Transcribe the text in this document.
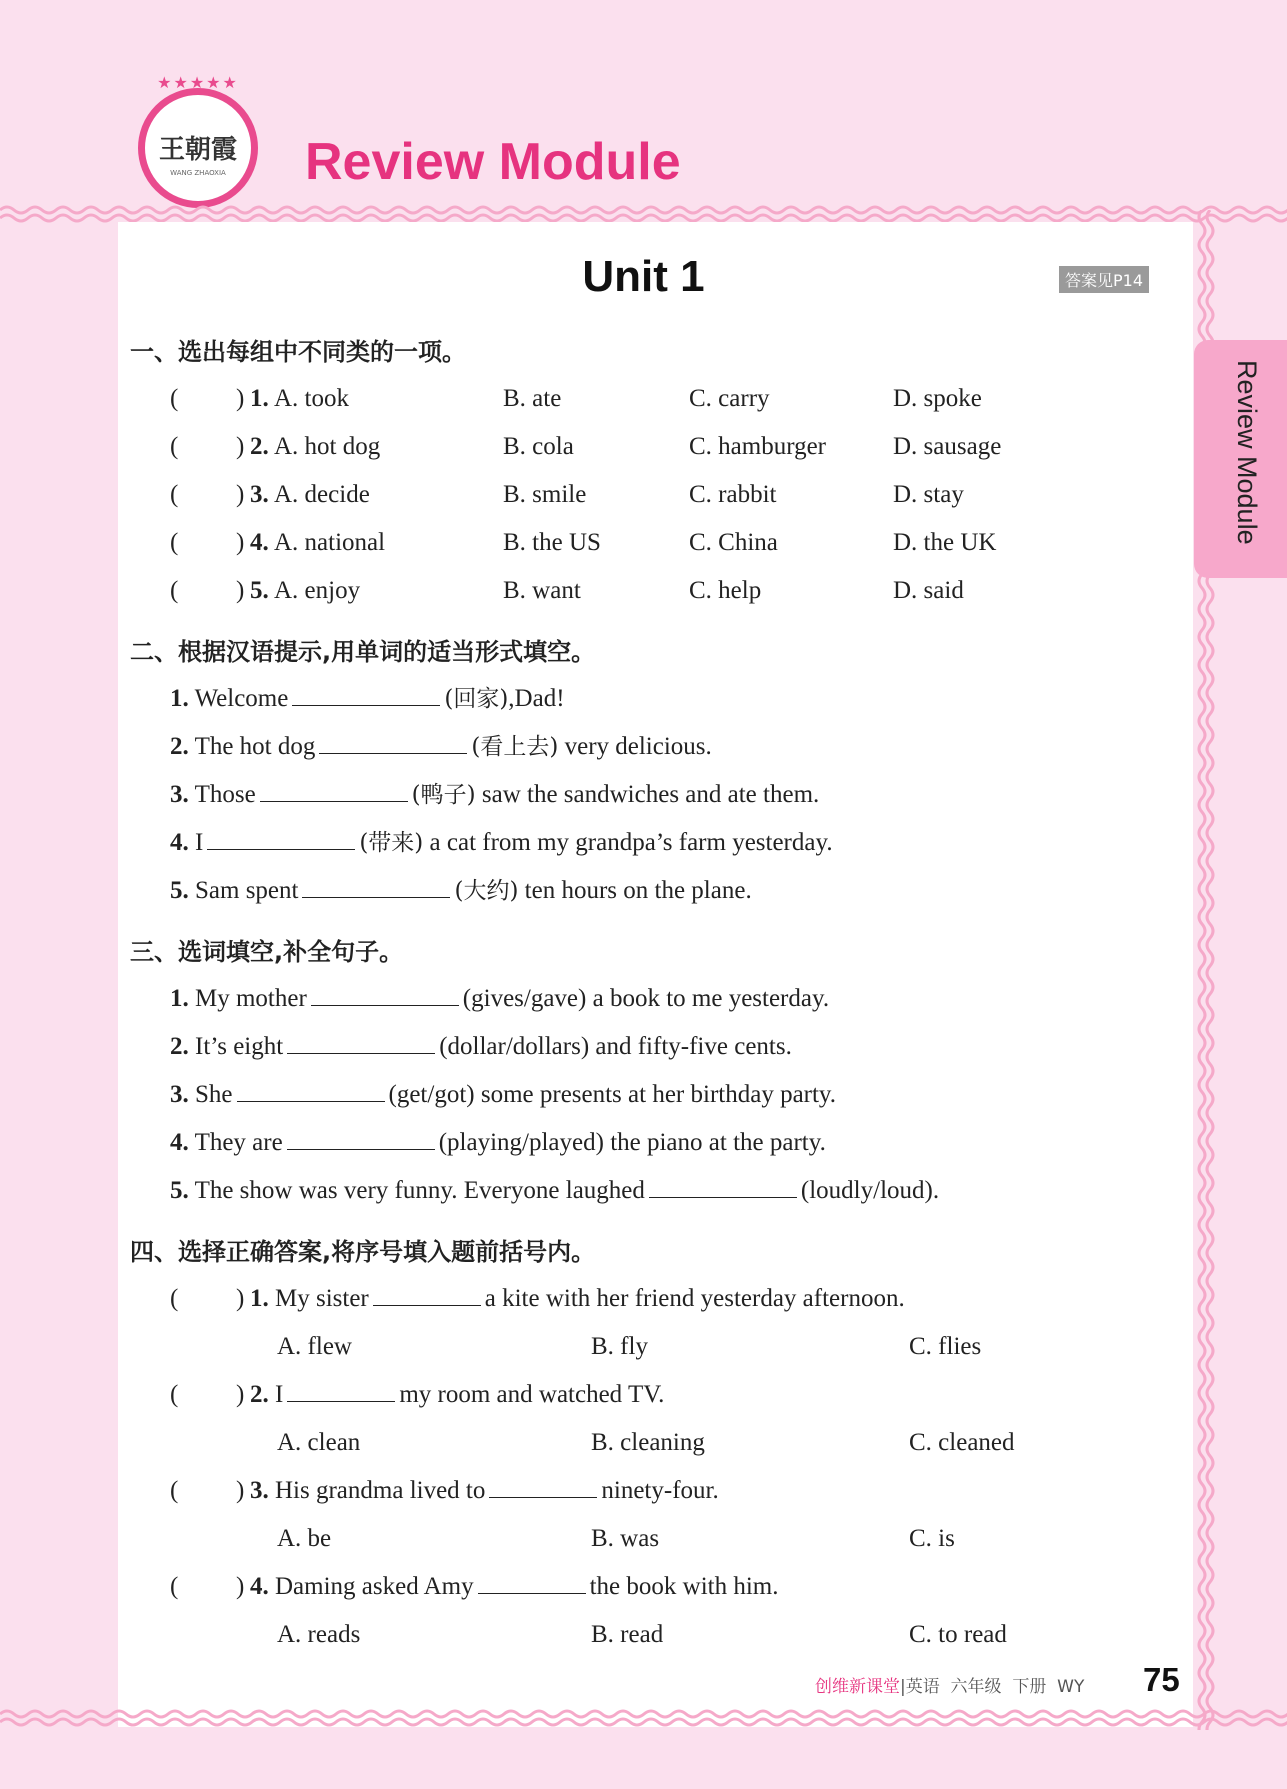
★★★★★
王朝霞
WANG ZHAOXIA	Review Module
Review Module
Unit 1	答案见P14
一、选出每组中不同类的一项。
( ) 1. A. took	B. ate	C. carry	D. spoke
( ) 2. A. hot dog	B. cola	C. hamburger	D. sausage
( ) 3. A. decide	B. smile	C. rabbit	D. stay
( ) 4. A. national	B. the US	C. China	D. the UK
( ) 5. A. enjoy	B. want	C. help	D. said
二、根据汉语提示,用单词的适当形式填空。
1. Welcome	(回家),Dad!
2. The hot dog	(看上去) very delicious.
3. Those	(鸭子) saw the sandwiches and ate them.
4. I	(带来) a cat from my grandpa’s farm yesterday.
5. Sam spent	(大约) ten hours on the plane.
三、选词填空,补全句子。
1. My mother	(gives/gave) a book to me yesterday.
2. It’s eight	(dollar/dollars) and fifty-five cents.
3. She	(get/got) some presents at her birthday party.
4. They are	(playing/played) the piano at the party.
5. The show was very funny. Everyone laughed	(loudly/loud).
四、选择正确答案,将序号填入题前括号内。
( ) 1. My sister	a kite with her friend yesterday afternoon.
A. flew	B. fly	C. flies
( ) 2. I	my room and watched TV.
A. clean	B. cleaning	C. cleaned
( ) 3. His grandma lived to	ninety-four.
A. be	B. was	C. is
( ) 4. Daming asked Amy	the book with him.
A. reads	B. read	C. to read
创维新课堂|英语 六年级 下册 WY 75
